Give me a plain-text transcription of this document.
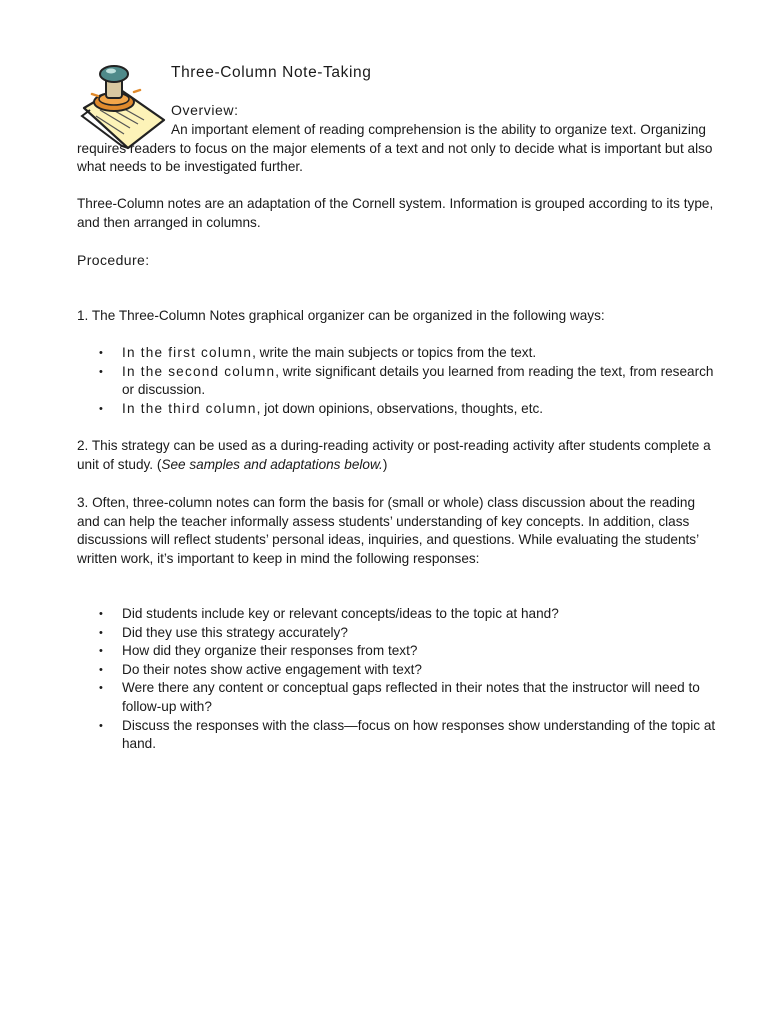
Three-Column Note-Taking
Overview:

An important element of reading comprehension is the ability to organize text. Organizing requires readers to focus on the major elements of a text and not only to decide what is important but also what needs to be investigated further.

Three-Column notes are an adaptation of the Cornell system. Information is grouped according to its type, and then arranged in columns.

Procedure:

1. The Three-Column Notes graphical organizer can be organized in the following ways:

• In the first column, write the main subjects or topics from the text.
• In the second column, write significant details you learned from reading the text, from research or discussion.
• In the third column, jot down opinions, observations, thoughts, etc.

2. This strategy can be used as a during-reading activity or post-reading activity after students complete a unit of study. (See samples and adaptations below.)

3. Often, three-column notes can form the basis for (small or whole) class discussion about the reading and can help the teacher informally assess students’ understanding of key concepts. In addition, class discussions will reflect students’ personal ideas, inquiries, and questions. While evaluating the students’ written work, it’s important to keep in mind the following responses:

• Did students include key or relevant concepts/ideas to the topic at hand?
• Did they use this strategy accurately?
• How did they organize their responses from text?
• Do their notes show active engagement with text?
• Were there any content or conceptual gaps reflected in their notes that the instructor will need to follow-up with?
• Discuss the responses with the class—focus on how responses show understanding of the topic at hand.
